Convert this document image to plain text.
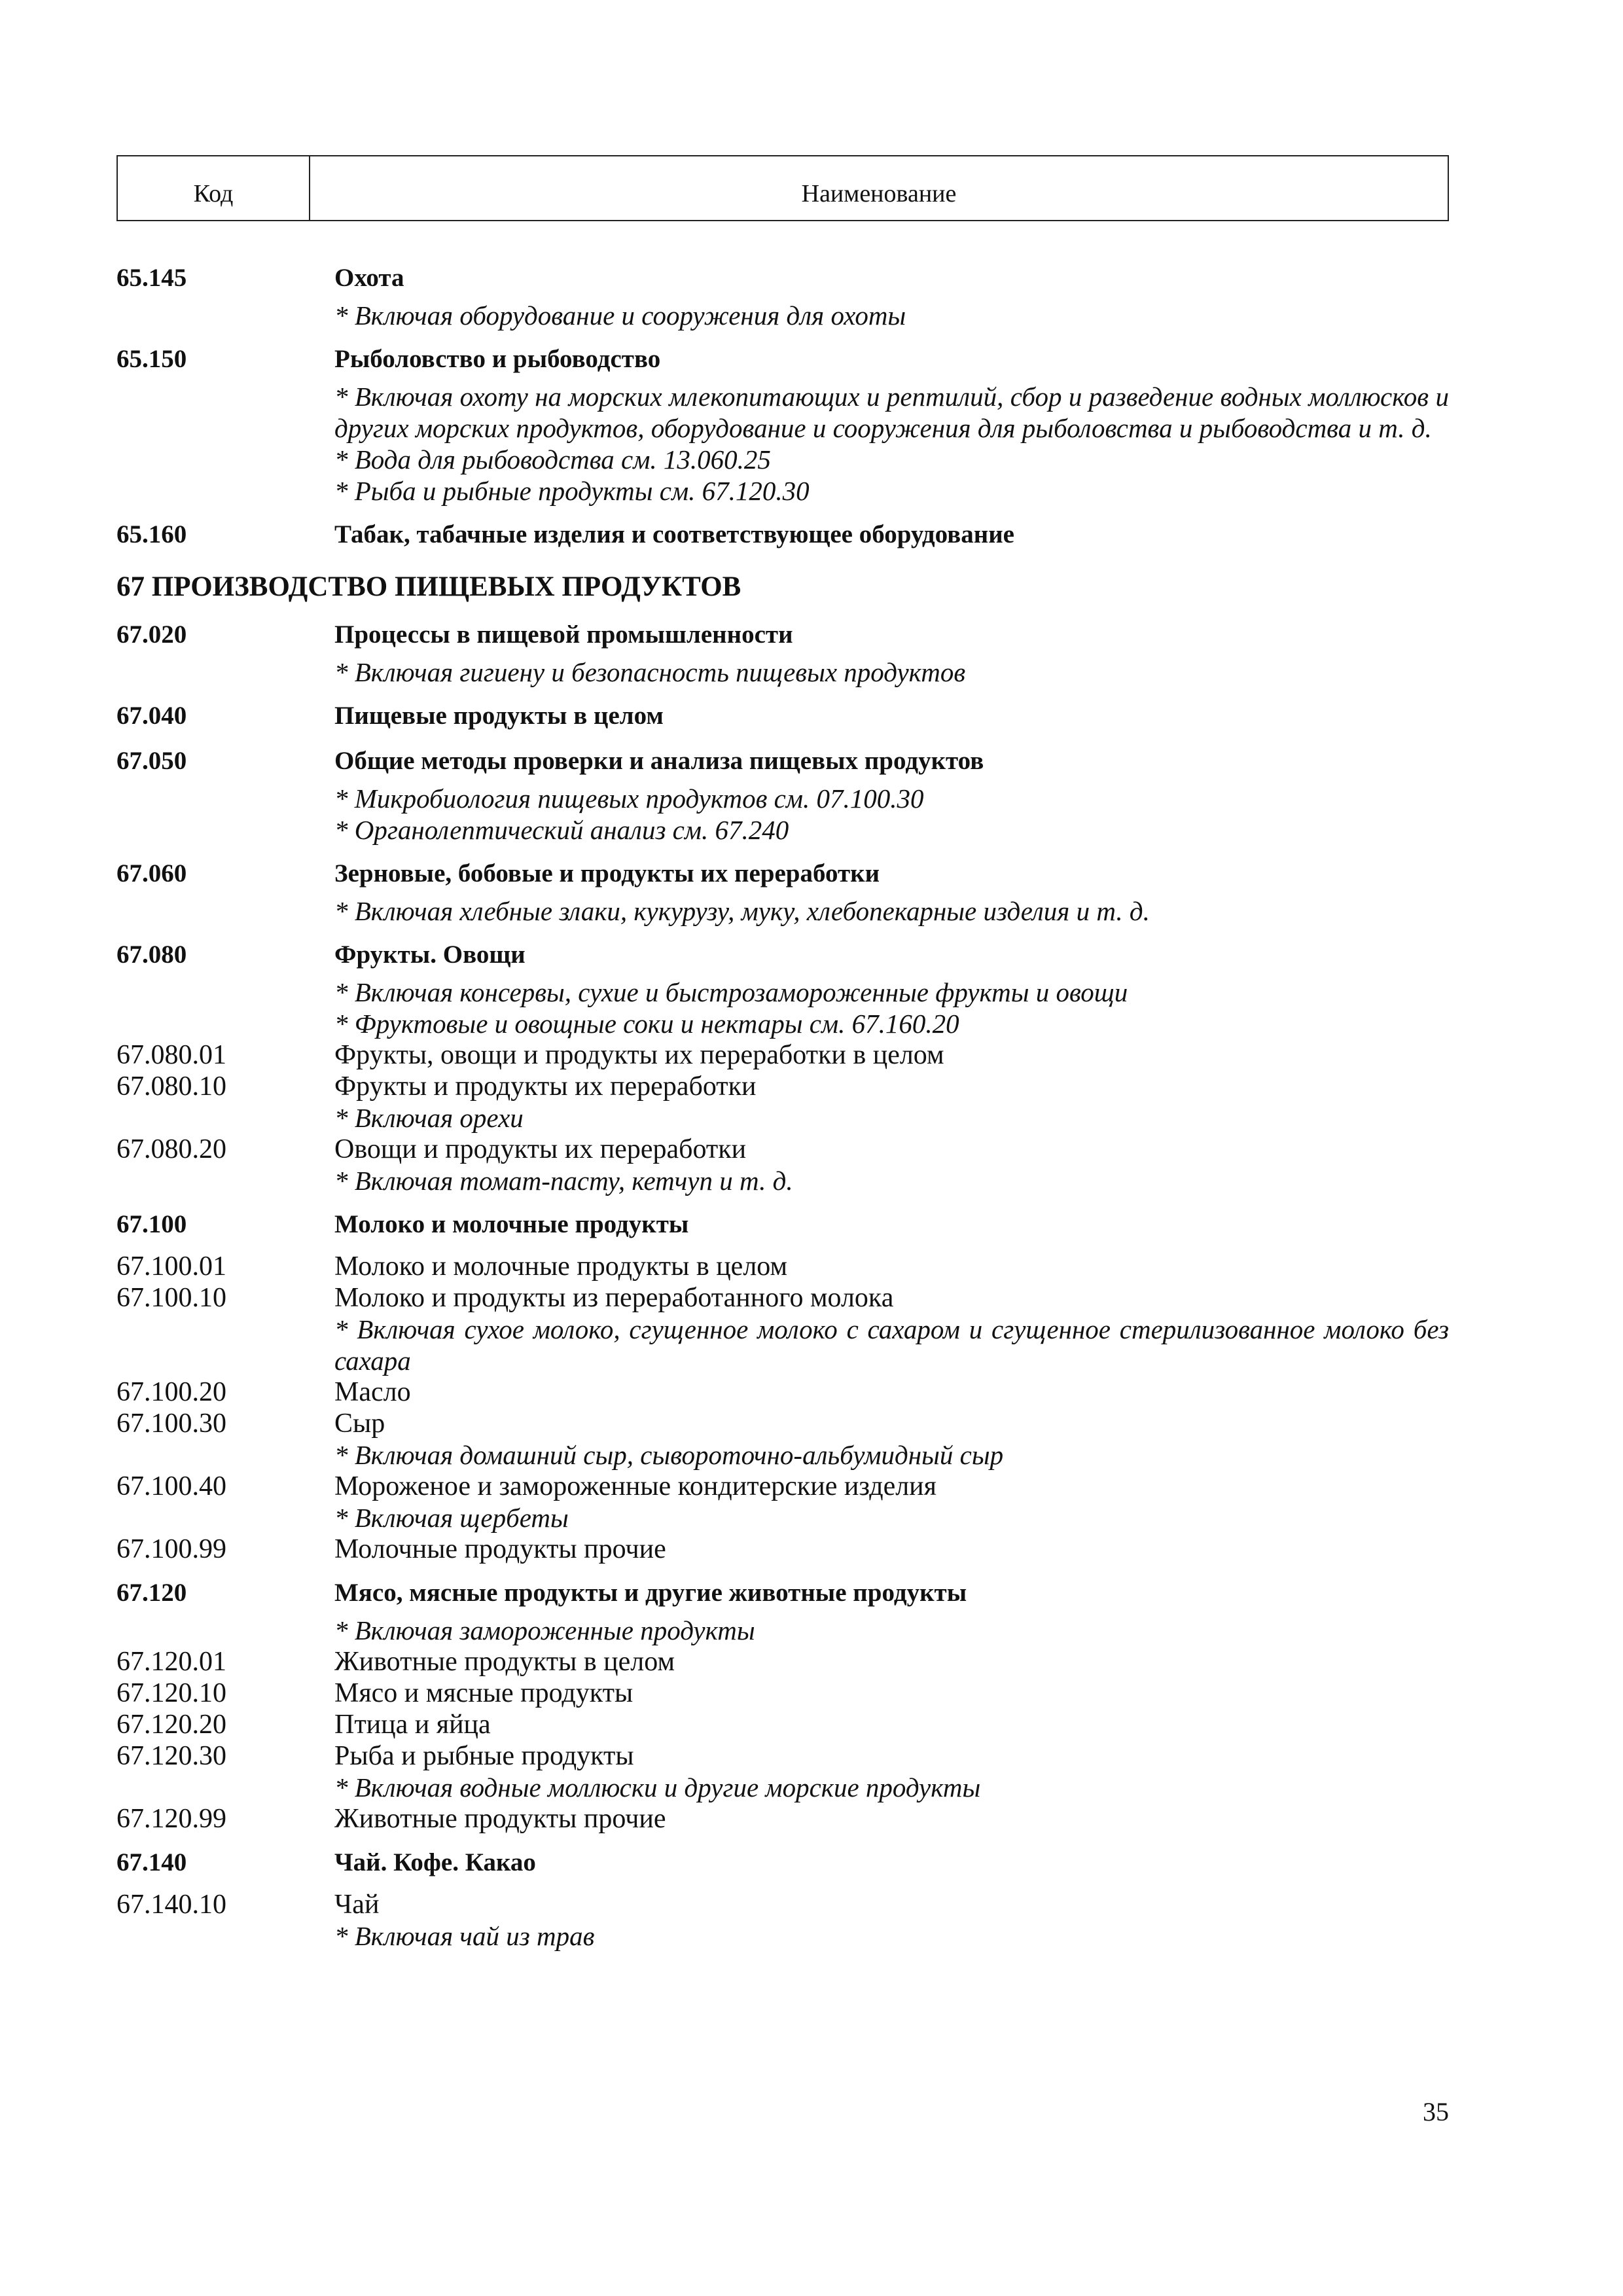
Код	Наименование
65.145	Охота
* Включая оборудование и сооружения для охоты
65.150	Рыболовство и рыбоводство
* Включая охоту на морских млекопитающих и рептилий, сбор и разведение водных моллюсков и других морских продуктов, оборудование и сооружения для рыболовства и рыбоводства и т. д.
* Вода для рыбоводства см. 13.060.25
* Рыба и рыбные продукты см. 67.120.30
65.160	Табак, табачные изделия и соответствующее оборудование
67 ПРОИЗВОДСТВО ПИЩЕВЫХ ПРОДУКТОВ
67.020	Процессы в пищевой промышленности
* Включая гигиену и безопасность пищевых продуктов
67.040	Пищевые продукты в целом
67.050	Общие методы проверки и анализа пищевых продуктов
* Микробиология пищевых продуктов см. 07.100.30
* Органолептический анализ см. 67.240
67.060	Зерновые, бобовые и продукты их переработки
* Включая хлебные злаки, кукурузу, муку, хлебопекарные изделия и т. д.
67.080	Фрукты. Овощи
* Включая консервы, сухие и быстрозамороженные фрукты и овощи
* Фруктовые и овощные соки и нектары см. 67.160.20
67.080.01	Фрукты, овощи и продукты их переработки в целом
67.080.10	Фрукты и продукты их переработки
* Включая орехи
67.080.20	Овощи и продукты их переработки
* Включая томат-пасту, кетчуп и т. д.
67.100	Молоко и молочные продукты
67.100.01	Молоко и молочные продукты в целом
67.100.10	Молоко и продукты из переработанного молока
* Включая сухое молоко, сгущенное молоко с сахаром и сгущенное стерилизованное молоко без сахара
67.100.20	Масло
67.100.30	Сыр
* Включая домашний сыр, сывороточно-альбумидный сыр
67.100.40	Мороженое и замороженные кондитерские изделия
* Включая щербеты
67.100.99	Молочные продукты прочие
67.120	Мясо, мясные продукты и другие животные продукты
* Включая замороженные продукты
67.120.01	Животные продукты в целом
67.120.10	Мясо и мясные продукты
67.120.20	Птица и яйца
67.120.30	Рыба и рыбные продукты
* Включая водные моллюски и другие морские продукты
67.120.99	Животные продукты прочие
67.140	Чай. Кофе. Какао
67.140.10	Чай
* Включая чай из трав
35
